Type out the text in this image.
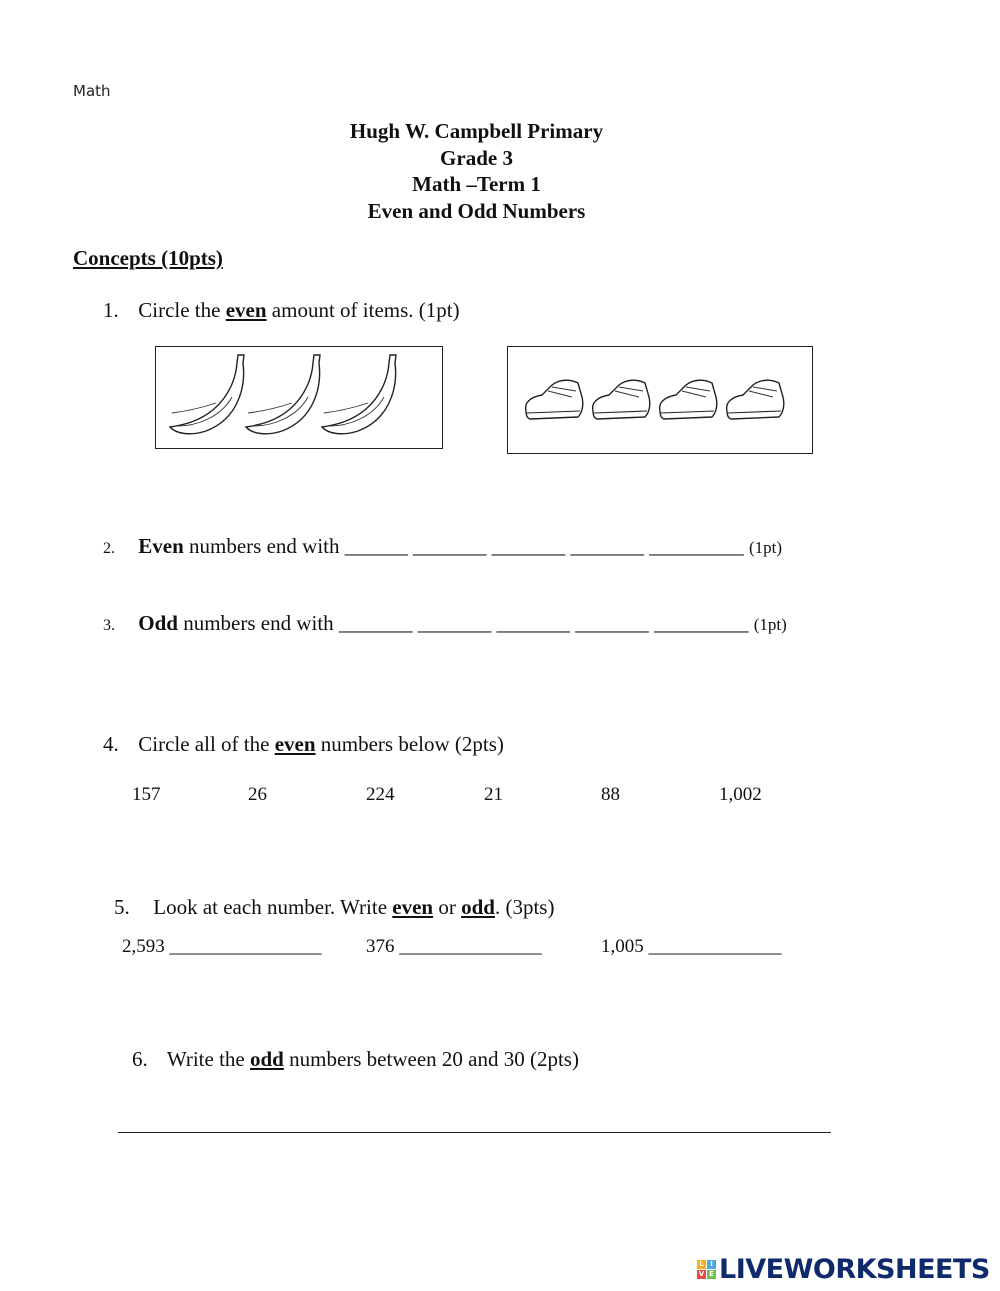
Math
Hugh W. Campbell Primary
Grade 3
Math –Term 1
Even and Odd Numbers
Concepts (10pts)
1. Circle the even amount of items. (1pt)
2. Even numbers end with ______ _______ _______ _______ _________ (1pt)
3. Odd numbers end with _______ _______ _______ _______ _________ (1pt)
4. Circle all of the even numbers below (2pts)
157	26	224	21	88	1,002
5. Look at each number. Write even or odd. (3pts)
2,593 ________________ 376 _______________	1,005 ______________
6. Write the odd numbers between 20 and 30 (2pts)
L I
V E LIVEWORKSHEETS
